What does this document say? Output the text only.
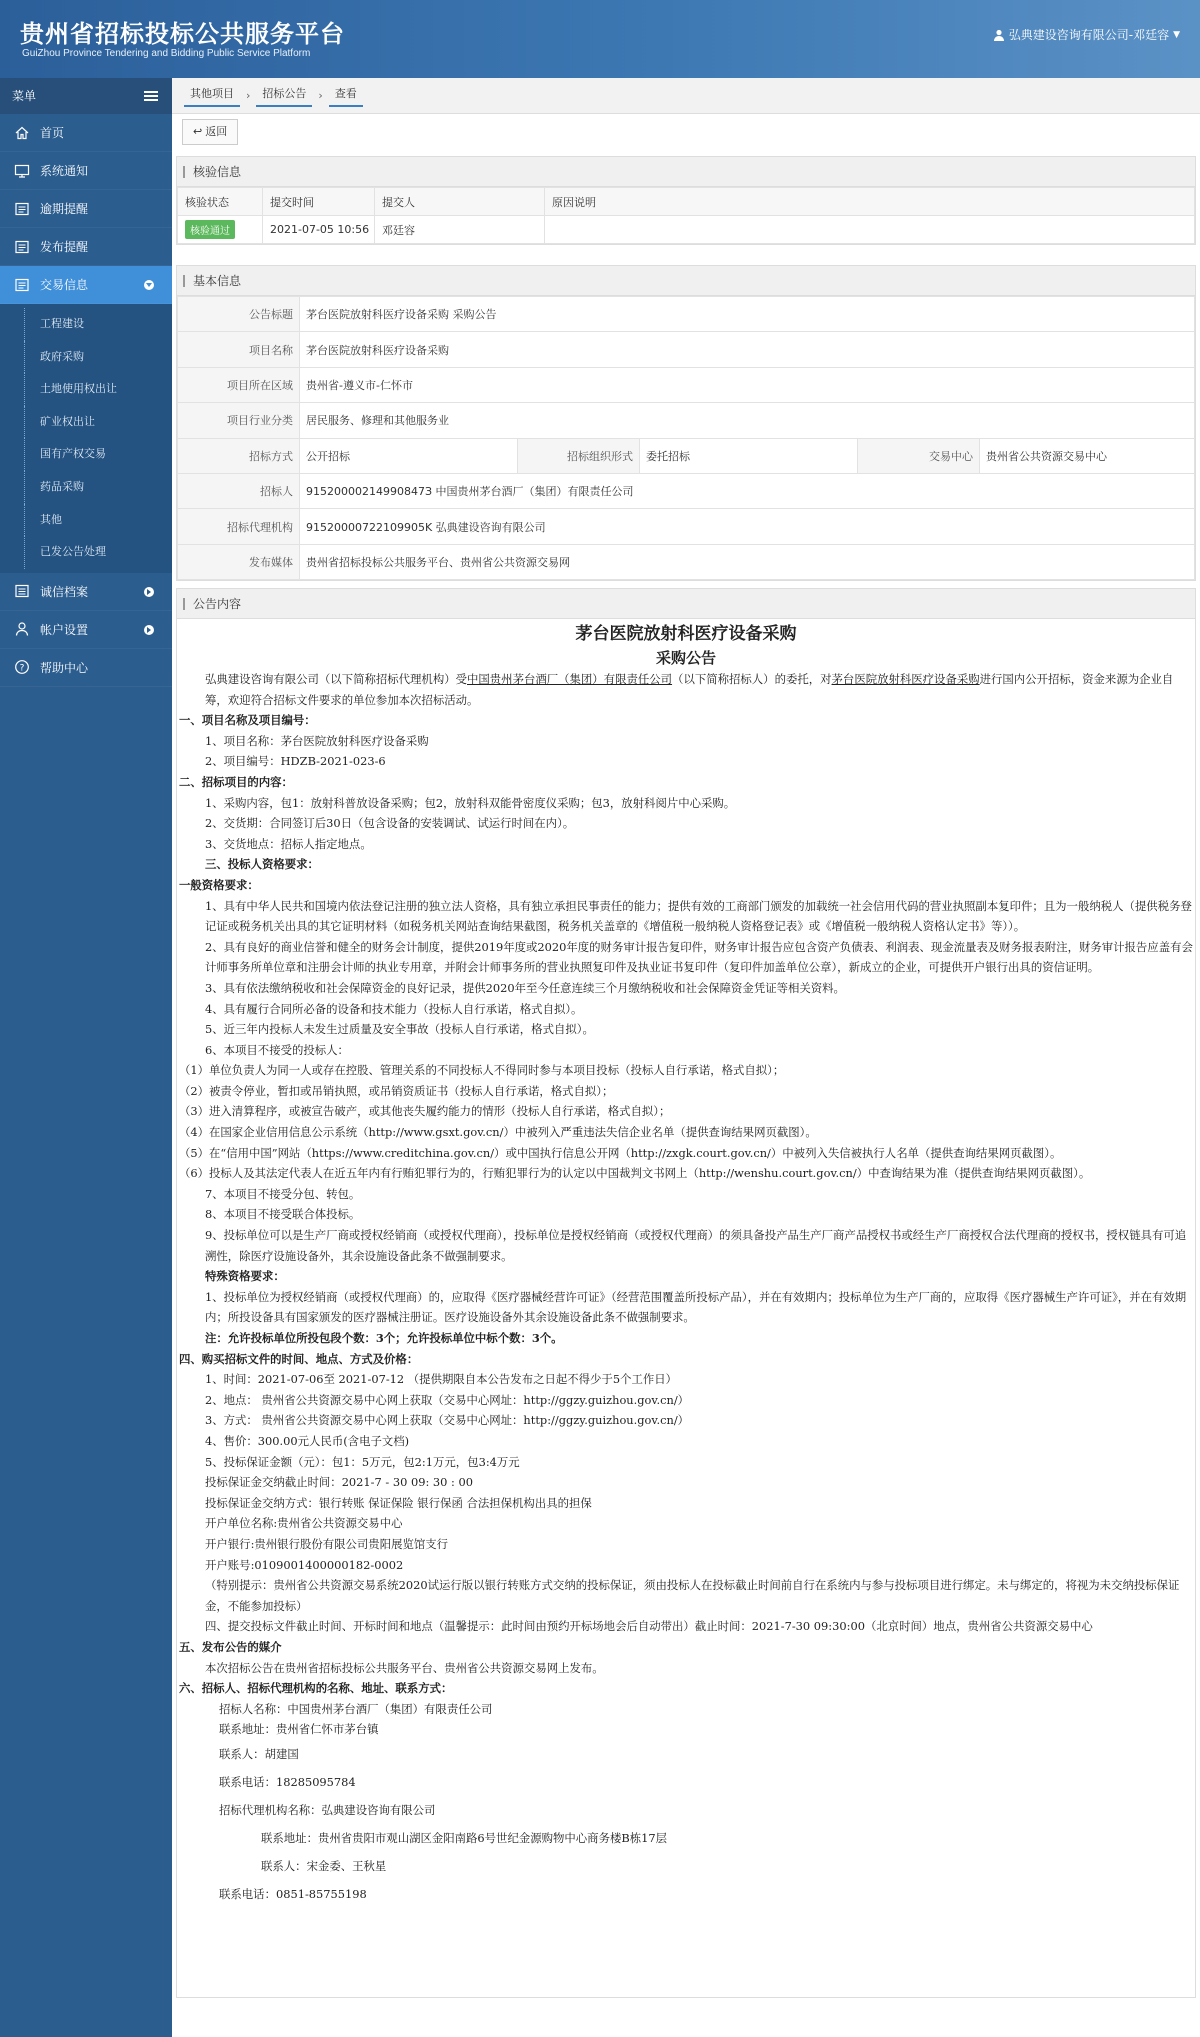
贵州省招标投标公共服务平台
GuiZhou Province Tendering and Bidding Public Service Platform
弘典建设咨询有限公司-邓廷容 ▼
菜单
首页
系统通知
逾期提醒
发布提醒
交易信息
工程建设
政府采购
土地使用权出让
矿业权出让
国有产权交易
药品采购
其他
已发公告处理
诚信档案
帐户设置
? 帮助中心
其他项目	›	招标公告	›	查看
↩ 返回
核验信息
核验状态	提交时间	提交人	原因说明
核验通过	2021-07-05 10:56	邓廷容	
基本信息
公告标题	茅台医院放射科医疗设备采购 采购公告				
项目名称	茅台医院放射科医疗设备采购				
项目所在区域	贵州省-遵义市-仁怀市				
项目行业分类	居民服务、修理和其他服务业				
招标方式	公开招标	招标组织形式	委托招标	交易中心	贵州省公共资源交易中心
招标人	91520000214990847З 中国贵州茅台酒厂（集团）有限责任公司				
招标代理机构	91520000722109905K 弘典建设咨询有限公司				
发布媒体	贵州省招标投标公共服务平台、贵州省公共资源交易网				
公告内容
茅台医院放射科医疗设备采购
采购公告

弘典建设咨询有限公司（以下简称招标代理机构）受中国贵州茅台酒厂（集团）有限责任公司（以下简称招标人）的委托，对茅台医院放射科医疗设备采购进行国内公开招标，资金来源为企业自筹，欢迎符合招标文件要求的单位参加本次招标活动。

一、项目名称及项目编号：

1、项目名称：茅台医院放射科医疗设备采购

2、项目编号：HDZB-2021-023-6

二、招标项目的内容：

1、采购内容，包1：放射科普放设备采购；包2，放射科双能骨密度仪采购；包3，放射科阅片中心采购。

2、交货期：合同签订后30日（包含设备的安装调试、试运行时间在内）。

3、交货地点：招标人指定地点。

三、投标人资格要求：

一般资格要求：

1、具有中华人民共和国境内依法登记注册的独立法人资格，具有独立承担民事责任的能力；提供有效的工商部门颁发的加载统一社会信用代码的营业执照副本复印件；且为一般纳税人（提供税务登记证或税务机关出具的其它证明材料（如税务机关网站查询结果截图，税务机关盖章的《增值税一般纳税人资格登记表》或《增值税一般纳税人资格认定书》等））。

2、具有良好的商业信誉和健全的财务会计制度，提供2019年度或2020年度的财务审计报告复印件，财务审计报告应包含资产负债表、利润表、现金流量表及财务报表附注，财务审计报告应盖有会计师事务所单位章和注册会计师的执业专用章，并附会计师事务所的营业执照复印件及执业证书复印件（复印件加盖单位公章），新成立的企业，可提供开户银行出具的资信证明。

3、具有依法缴纳税收和社会保障资金的良好记录，提供2020年至今任意连续三个月缴纳税收和社会保障资金凭证等相关资料。

4、具有履行合同所必备的设备和技术能力（投标人自行承诺，格式自拟）。

5、近三年内投标人未发生过质量及安全事故（投标人自行承诺，格式自拟）。

6、本项目不接受的投标人：

（1）单位负责人为同一人或存在控股、管理关系的不同投标人不得同时参与本项目投标（投标人自行承诺，格式自拟）；

（2）被责令停业，暂扣或吊销执照，或吊销资质证书（投标人自行承诺，格式自拟）；

（3）进入清算程序，或被宣告破产，或其他丧失履约能力的情形（投标人自行承诺，格式自拟）；

（4）在国家企业信用信息公示系统（http://www.gsxt.gov.cn/）中被列入严重违法失信企业名单（提供查询结果网页截图）。

（5）在“信用中国”网站（https://www.creditchina.gov.cn/）或中国执行信息公开网（http://zxgk.court.gov.cn/）中被列入失信被执行人名单（提供查询结果网页截图）。

（6）投标人及其法定代表人在近五年内有行贿犯罪行为的，行贿犯罪行为的认定以中国裁判文书网上（http://wenshu.court.gov.cn/）中查询结果为准（提供查询结果网页截图）。

7、本项目不接受分包、转包。

8、本项目不接受联合体投标。

9、投标单位可以是生产厂商或授权经销商（或授权代理商），投标单位是授权经销商（或授权代理商）的须具备投产品生产厂商产品授权书或经生产厂商授权合法代理商的授权书，授权链具有可追溯性，除医疗设施设备外，其余设施设备此条不做强制要求。

特殊资格要求：

1、投标单位为授权经销商（或授权代理商）的，应取得《医疗器械经营许可证》（经营范围覆盖所投标产品），并在有效期内；投标单位为生产厂商的，应取得《医疗器械生产许可证》，并在有效期内；所投设备具有国家颁发的医疗器械注册证。医疗设施设备外其余设施设备此条不做强制要求。

注：允许投标单位所投包段个数：3个；允许投标单位中标个数：3个。

四、购买招标文件的时间、地点、方式及价格：

1、时间：2021-07-06至 2021-07-12 （提供期限自本公告发布之日起不得少于5个工作日）

2、地点： 贵州省公共资源交易中心网上获取（交易中心网址：http://ggzy.guizhou.gov.cn/）

3、方式： 贵州省公共资源交易中心网上获取（交易中心网址：http://ggzy.guizhou.gov.cn/）

4、售价：300.00元人民币(含电子文档)

5、投标保证金额（元）：包1：5万元，包2:1万元，包3:4万元

投标保证金交纳截止时间：2021-7 - 30 09: 30 : 00

投标保证金交纳方式：银行转账 保证保险 银行保函 合法担保机构出具的担保

开户单位名称:贵州省公共资源交易中心

开户银行:贵州银行股份有限公司贵阳展览馆支行

开户账号:0109001400000182-0002

（特别提示：贵州省公共资源交易系统2020试运行版以银行转账方式交纳的投标保证，须由投标人在投标截止时间前自行在系统内与参与投标项目进行绑定。未与绑定的，将视为未交纳投标保证金，不能参加投标）

四、提交投标文件截止时间、开标时间和地点（温馨提示：此时间由预约开标场地会后自动带出）截止时间：2021-7-30 09:30:00（北京时间）地点，贵州省公共资源交易中心

五、发布公告的媒介

本次招标公告在贵州省招标投标公共服务平台、贵州省公共资源交易网上发布。

六、招标人、招标代理机构的名称、地址、联系方式：

招标人名称：中国贵州茅台酒厂（集团）有限责任公司

联系地址：贵州省仁怀市茅台镇

联系人：胡建国

联系电话：18285095784

招标代理机构名称：弘典建设咨询有限公司

联系地址：贵州省贵阳市观山湖区金阳南路6号世纪金源购物中心商务楼B栋17层

联系人：宋金委、王秋星

联系电话：0851-85755198
